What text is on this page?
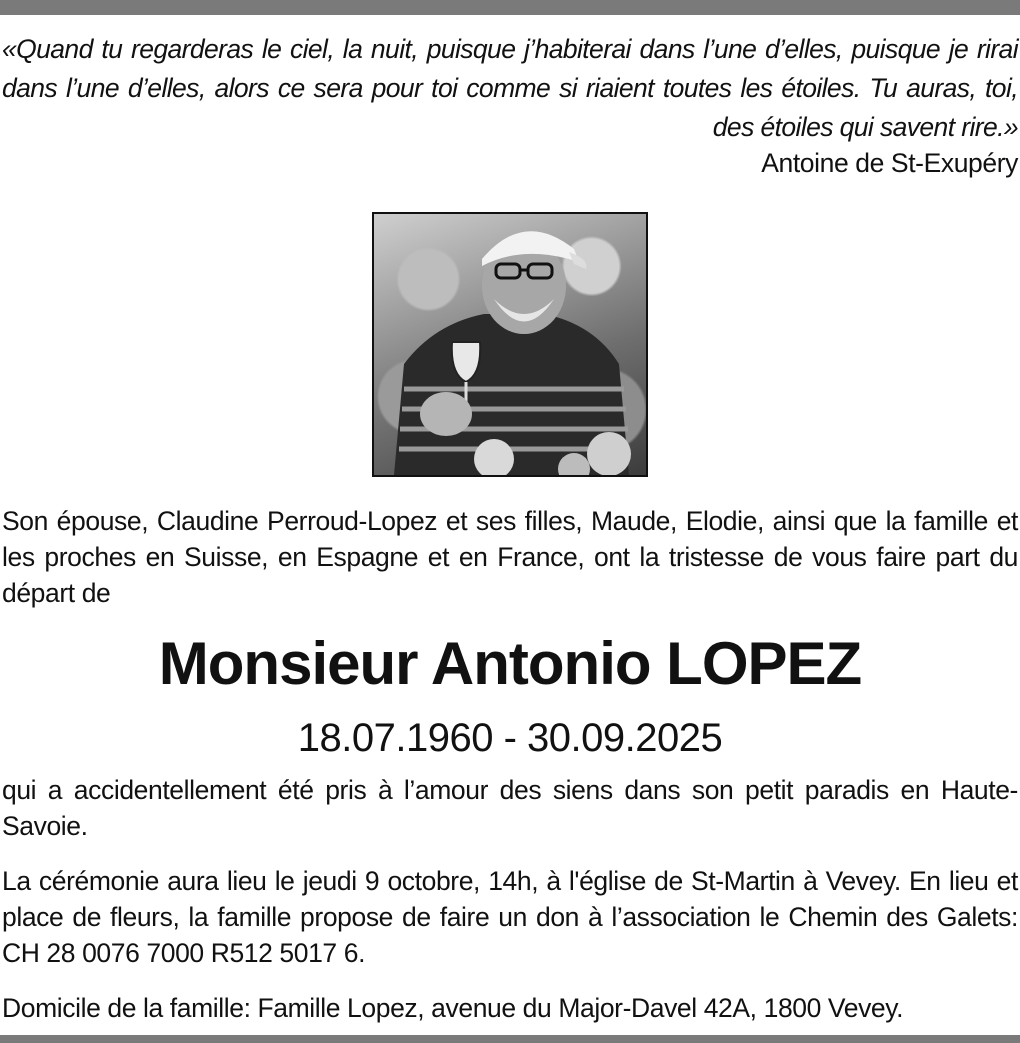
«Quand tu regarderas le ciel, la nuit, puisque j’habiterai dans l’une d’elles, puisque je rirai dans l’une d’elles, alors ce sera pour toi comme si riaient toutes les étoiles. Tu auras, toi, des étoiles qui savent rire.»
Antoine de St-Exupéry

Son épouse, Claudine Perroud-Lopez et ses filles, Maude, Elodie, ainsi que la famille et les proches en Suisse, en Espagne et en France, ont la tristesse de vous faire part du départ de

Monsieur Antonio LOPEZ
18.07.1960 - 30.09.2025

qui a accidentellement été pris à l’amour des siens dans son petit paradis en Haute-Savoie.

La cérémonie aura lieu le jeudi 9 octobre, 14h, à l'église de St-Martin à Vevey. En lieu et place de fleurs, la famille propose de faire un don à l’association le Chemin des Galets: CH 28 0076 7000 R512 5017 6.

Domicile de la famille: Famille Lopez, avenue du Major-Davel 42A, 1800 Vevey.
